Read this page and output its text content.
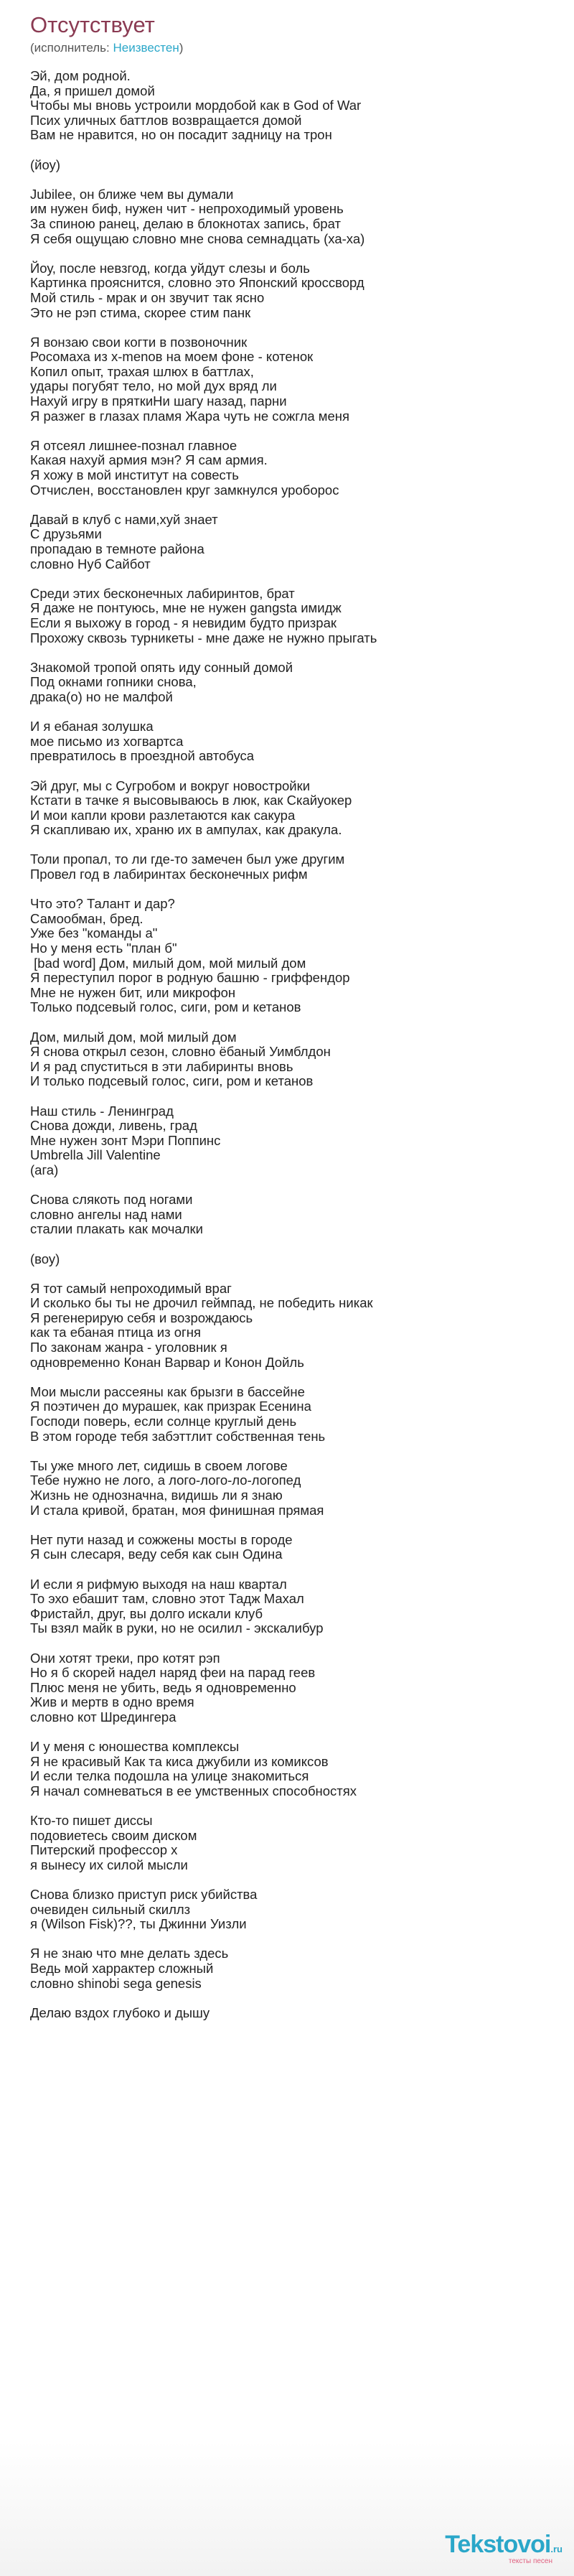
Отсутствует
(исполнитель: Неизвестен)
Эй, дом родной.
Да, я пришел домой
Чтобы мы вновь устроили мордобой как в God of War
Псих уличных баттлов возвращается домой
Вам не нравится, но он посадит задницу на трон

(йоу)

Jubilee, он ближе чем вы думали
им нужен биф, нужен чит - непроходимый уровень
За спиною ранец, делаю в блокнотах запись, брат
Я себя ощущаю словно мне снова семнадцать (ха-ха)

Йоу, после невзгод, когда уйдут слезы и боль
Картинка прояснится, словно это Японский кроссворд
Мой стиль - мрак и он звучит так ясно
Это не рэп стима, скорее стим панк

Я вонзаю свои когти в позвоночник
Росомаха из x-menов на моем фоне - котенок
Копил опыт, трахая шлюх в баттлах,
удары погубят тело, но мой дух вряд ли
Нахуй игру в пряткиНи шагу назад, парни
Я разжег в глазах пламя Жара чуть не сожгла меня

Я отсеял лишнее-познал главное
Какая нахуй армия мэн? Я сам армия.
Я хожу в мой институт на совесть
Отчислен, восстановлен круг замкнулся уроборос

Давай в клуб с нами,хуй знает
С друзьями
пропадаю в темноте района
словно Нуб Сайбот

Среди этих бесконечных лабиринтов, брат
Я даже не понтуюсь, мне не нужен gangsta имидж
Если я выхожу в город - я невидим будто призрак
Прохожу сквозь турникеты - мне даже не нужно прыгать

Знакомой тропой опять иду сонный домой
Под окнами гопники снова,
драка(о) но не малфой

И я ебаная золушка
мое письмо из хогвартса
превратилось в проездной автобуса

Эй друг, мы с Сугробом и вокруг новостройки
Кстати в тачке я высовываюсь в люк, как Скайуокер
И мои капли крови разлетаются как сакура
Я скапливаю их, храню их в ампулах, как дракула.

Толи пропал, то ли где-то замечен был уже другим
Провел год в лабиринтах бесконечных рифм

Что это? Талант и дар?
Самообман, бред.
Уже без "команды а"
Но у меня есть "план б"
[bad word] Дом, милый дом, мой милый дом
Я переступил порог в родную башню - гриффендор
Мне не нужен бит, или микрофон
Только подсевый голос, сиги, ром и кетанов

Дом, милый дом, мой милый дом
Я снова открыл сезон, словно ёбаный Уимблдон
И я рад спуститься в эти лабиринты вновь
И только подсевый голос, сиги, ром и кетанов

Наш стиль - Ленинград
Снова дожди, ливень, град
Мне нужен зонт Мэри Поппинс
Umbrella Jill Valentine
(ага)

Снова слякоть под ногами
словно ангелы над нами
сталии плакать как мочалки

(воу)

Я тот самый непроходимый враг
И сколько бы ты не дрочил геймпад, не победить никак
Я регенерирую себя и возрождаюсь
как та ебаная птица из огня
По законам жанра - уголовник я
одновременно Конан Варвар и Конон Дойль

Мои мысли рассеяны как брызги в бассейне
Я поэтичен до мурашек, как призрак Есенина
Господи поверь, если солнце круглый день
В этом городе тебя забэттлит собственная тень

Ты уже много лет, сидишь в своем логове
Тебе нужно не лого, а лого-лого-ло-логопед
Жизнь не однозначна, видишь ли я знаю
И стала кривой, братан, моя финишная прямая

Нет пути назад и сожжены мосты в городе
Я сын слесаря, веду себя как сын Одина

И если я рифмую выходя на наш квартал
То эхо ебашит там, словно этот Тадж Махал
Фристайл, друг, вы долго искали клуб
Ты взял майк в руки, но не осилил - экскалибур

Они хотят треки, про котят рэп
Но я б скорей надел наряд феи на парад геев
Плюс меня не убить, ведь я одновременно
Жив и мертв в одно время
словно кот Шредингера

И у меня с юношества комплексы
Я не красивый Как та киса джубили из комиксов
И если телка подошла на улице знакомиться
Я начал сомневаться в ее умственных способностях

Кто-то пишет диссы
подовиетесь своим диском
Питерский профессор х
я вынесу их силой мысли

Снова близко приступ риск убийства
очевиден сильный скиллз
я (Wilson Fisk)??, ты Джинни Уизли

Я не знаю что мне делать здесь
Ведь мой харрактер сложный
словно shinobi sega genesis

Делаю вздох глубоко и дышу
Tekstovoi.ru
тексты песен
